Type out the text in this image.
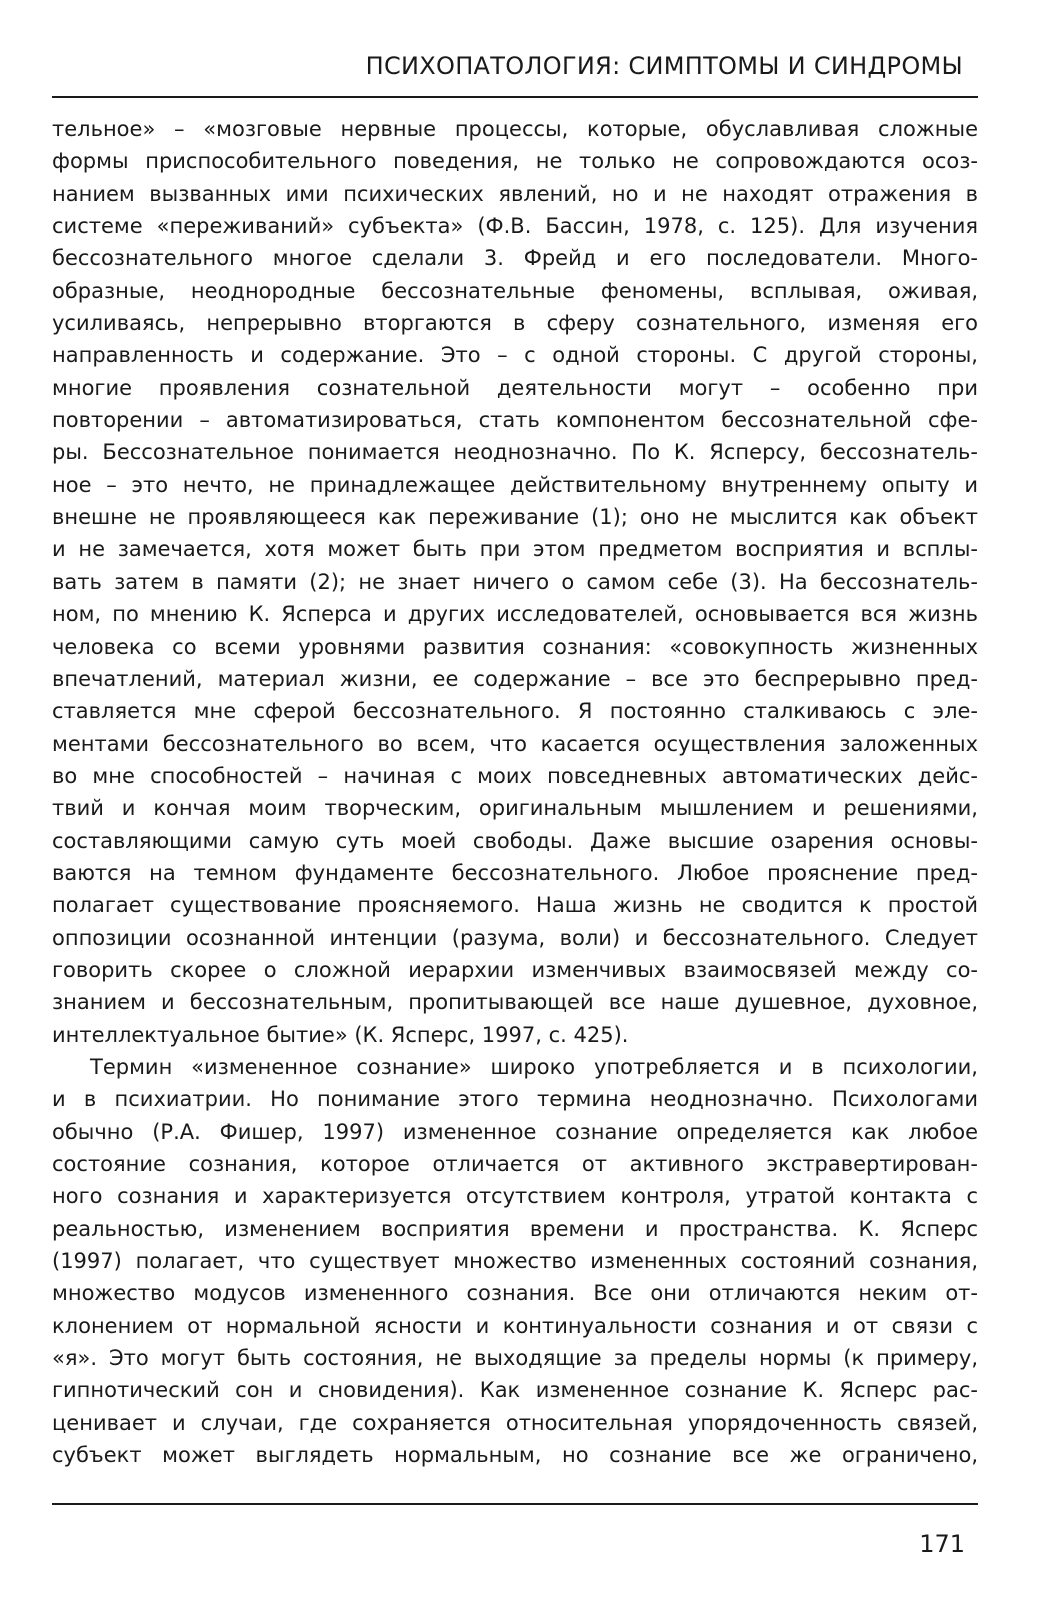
ПСИХОПАТОЛОГИЯ: СИМПТОМЫ И СИНДРОМЫ
тельное» – «мозговые нервные процессы, которые, обуславливая сложные
формы приспособительного поведения, не только не сопровождаются осоз-
нанием вызванных ими психических явлений, но и не находят отражения в
системе «переживаний» субъекта» (Ф.В. Бассин, 1978, с. 125). Для изучения
бессознательного многое сделали 3. Фрейд и его последователи. Много-
образные, неоднородные бессознательные феномены, всплывая, оживая,
усиливаясь, непрерывно вторгаются в сферу сознательного, изменяя его
направленность и содержание. Это – с одной стороны. С другой стороны,
многие проявления сознательной деятельности могут – особенно при
повторении – автоматизироваться, стать компонентом бессознательной сфе-
ры. Бессознательное понимается неоднозначно. По К. Ясперсу, бессознатель-
ное – это нечто, не принадлежащее действительному внутреннему опыту и
внешне не проявляющееся как переживание (1); оно не мыслится как объект
и не замечается, хотя может быть при этом предметом восприятия и всплы-
вать затем в памяти (2); не знает ничего о самом себе (3). На бессознатель-
ном, по мнению К. Ясперса и других исследователей, основывается вся жизнь
человека со всеми уровнями развития сознания: «совокупность жизненных
впечатлений, материал жизни, ее содержание – все это беспрерывно пред-
ставляется мне сферой бессознательного. Я постоянно сталкиваюсь с эле-
ментами бессознательного во всем, что касается осуществления заложенных
во мне способностей – начиная с моих повседневных автоматических дейс-
твий и кончая моим творческим, оригинальным мышлением и решениями,
составляющими самую суть моей свободы. Даже высшие озарения основы-
ваются на темном фундаменте бессознательного. Любое прояснение пред-
полагает существование проясняемого. Наша жизнь не сводится к простой
оппозиции осознанной интенции (разума, воли) и бессознательного. Следует
говорить скорее о сложной иерархии изменчивых взаимосвязей между со-
знанием и бессознательным, пропитывающей все наше душевное, духовное,
интеллектуальное бытие» (К. Ясперс, 1997, с. 425).
Термин «измененное сознание» широко употребляется и в психологии,
и в психиатрии. Но понимание этого термина неоднозначно. Психологами
обычно (Р.А. Фишер, 1997) измененное сознание определяется как любое
состояние сознания, которое отличается от активного экстравертирован-
ного сознания и характеризуется отсутствием контроля, утратой контакта с
реальностью, изменением восприятия времени и пространства. К. Ясперс
(1997) полагает, что существует множество измененных состояний сознания,
множество модусов измененного сознания. Все они отличаются неким от-
клонением от нормальной ясности и континуальности сознания и от связи с
«я». Это могут быть состояния, не выходящие за пределы нормы (к примеру,
гипнотический сон и сновидения). Как измененное сознание К. Ясперс рас-
ценивает и случаи, где сохраняется относительная упорядоченность связей,
субъект может выглядеть нормальным, но сознание все же ограничено,
171
